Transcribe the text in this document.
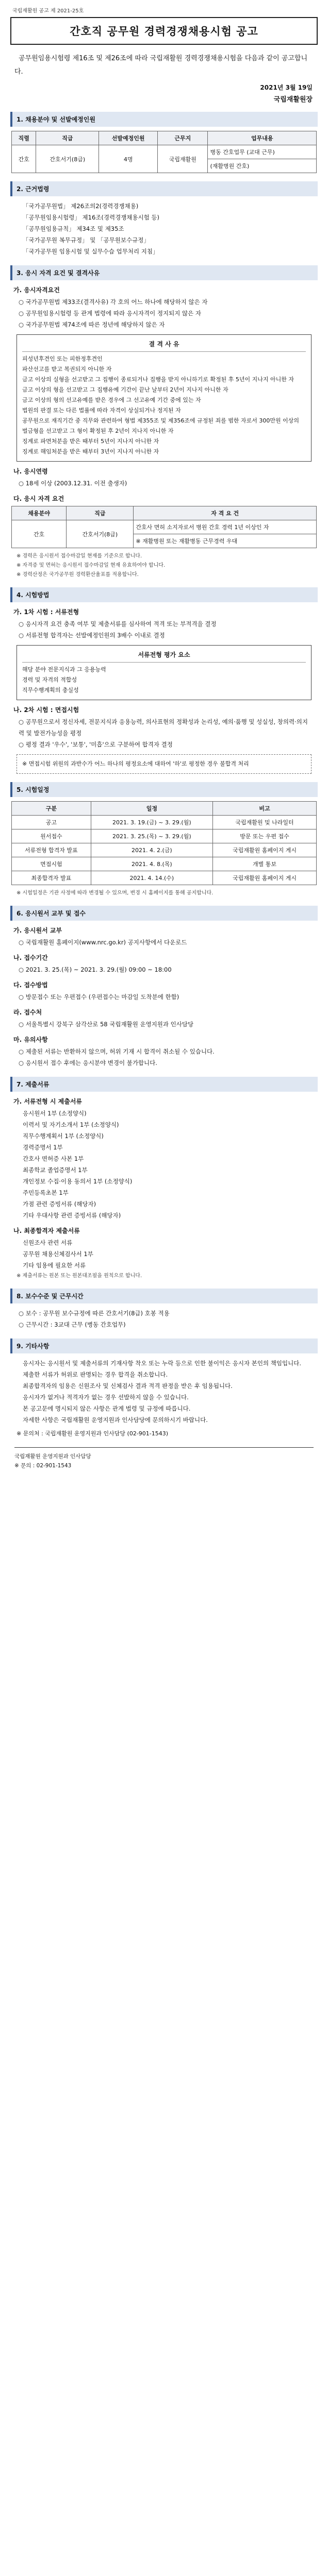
국립재활원 공고 제 2021-25호
간호직 공무원 경력경쟁채용시험 공고
공무원임용시험령 제16조 및 제26조에 따라 국립재활원 경력경쟁채용시험을 다음과 같이 공고합니다.
2021년 3월 19일
국립재활원장
1. 채용분야 및 선발예정인원
직렬	직급	선발예정인원	근무지	업무내용
간호	간호서기(8급)	4명	국립재활원	병동 간호업무 (교대 근무)
				(재활병원 간호)
2. 근거법령
「국가공무원법」 제26조의2(경력경쟁채용)
「공무원임용시험령」 제16조(경력경쟁채용시험 등)
「공무원임용규칙」 제34조 및 제35조
「국가공무원 복무규정」 및 「공무원보수규정」
「국가공무원 임용시험 및 실무수습 업무처리 지침」
3. 응시 자격 요건 및 결격사유
가. 응시자격요건
○ 국가공무원법 제33조(결격사유) 각 호의 어느 하나에 해당하지 않은 자
○ 공무원임용시험령 등 관계 법령에 따라 응시자격이 정지되지 않은 자
○ 국가공무원법 제74조에 따른 정년에 해당하지 않은 자
결 격 사 유
피성년후견인 또는 피한정후견인
파산선고를 받고 복권되지 아니한 자
금고 이상의 실형을 선고받고 그 집행이 종료되거나 집행을 받지 아니하기로 확정된 후 5년이 지나지 아니한 자
금고 이상의 형을 선고받고 그 집행유예 기간이 끝난 날부터 2년이 지나지 아니한 자
금고 이상의 형의 선고유예를 받은 경우에 그 선고유예 기간 중에 있는 자
법원의 판결 또는 다른 법률에 따라 자격이 상실되거나 정지된 자
공무원으로 재직기간 중 직무와 관련하여 형법 제355조 및 제356조에 규정된 죄를 범한 자로서 300만원 이상의 벌금형을 선고받고 그 형이 확정된 후 2년이 지나지 아니한 자
징계로 파면처분을 받은 때부터 5년이 지나지 아니한 자
징계로 해임처분을 받은 때부터 3년이 지나지 아니한 자
나. 응시연령
○ 18세 이상 (2003.12.31. 이전 출생자)
다. 응시 자격 요건
채용분야	직급	자 격 요 건
간호	간호서기(8급)	간호사 면허 소지자로서 병원 간호 경력 1년 이상인 자
		※ 재활병원 또는 재활병동 근무경력 우대
※ 경력은 응시원서 접수마감일 현재를 기준으로 합니다.
※ 자격증 및 면허는 응시원서 접수마감일 현재 유효하여야 합니다.
※ 경력산정은 국가공무원 경력환산율표를 적용합니다.
4. 시험방법
가. 1차 시험 : 서류전형
○ 응시자격 요건 충족 여부 및 제출서류를 심사하여 적격 또는 부적격을 결정
○ 서류전형 합격자는 선발예정인원의 3배수 이내로 결정
서류전형 평가 요소
해당 분야 전문지식과 그 응용능력
경력 및 자격의 적합성
직무수행계획의 충실성
나. 2차 시험 : 면접시험
○ 공무원으로서 정신자세, 전문지식과 응용능력, 의사표현의 정확성과 논리성, 예의·품행 및 성실성, 창의력·의지력 및 발전가능성을 평정
○ 평정 결과 '우수', '보통', '미흡'으로 구분하여 합격자 결정
※ 면접시험 위원의 과반수가 어느 하나의 평정요소에 대하여 '하'로 평정한 경우 불합격 처리
5. 시험일정
구분	일정	비고
공고	2021. 3. 19.(금) ~ 3. 29.(월)	국립재활원 및 나라일터
원서접수	2021. 3. 25.(목) ~ 3. 29.(월)	방문 또는 우편 접수
서류전형 합격자 발표	2021. 4. 2.(금)	국립재활원 홈페이지 게시
면접시험	2021. 4. 8.(목)	개별 통보
최종합격자 발표	2021. 4. 14.(수)	국립재활원 홈페이지 게시
※ 시험일정은 기관 사정에 따라 변경될 수 있으며, 변경 시 홈페이지를 통해 공지합니다.
6. 응시원서 교부 및 접수
가. 응시원서 교부
○ 국립재활원 홈페이지(www.nrc.go.kr) 공지사항에서 다운로드
나. 접수기간
○ 2021. 3. 25.(목) ~ 2021. 3. 29.(월) 09:00 ~ 18:00
다. 접수방법
○ 방문접수 또는 우편접수 (우편접수는 마감일 도착분에 한함)
라. 접수처
○ 서울특별시 강북구 삼각산로 58 국립재활원 운영지원과 인사담당
마. 유의사항
○ 제출된 서류는 반환하지 않으며, 허위 기재 시 합격이 취소될 수 있습니다.
○ 응시원서 접수 후에는 응시분야 변경이 불가합니다.
7. 제출서류
가. 서류전형 시 제출서류
응시원서 1부 (소정양식)
이력서 및 자기소개서 1부 (소정양식)
직무수행계획서 1부 (소정양식)
경력증명서 1부
간호사 면허증 사본 1부
최종학교 졸업증명서 1부
개인정보 수집·이용 동의서 1부 (소정양식)
주민등록초본 1부
가점 관련 증빙서류 (해당자)
기타 우대사항 관련 증빙서류 (해당자)
나. 최종합격자 제출서류
신원조사 관련 서류
공무원 채용신체검사서 1부
기타 임용에 필요한 서류
※ 제출서류는 원본 또는 원본대조필을 원칙으로 합니다.
8. 보수수준 및 근무시간
○ 보수 : 공무원 보수규정에 따른 간호서기(8급) 호봉 적용
○ 근무시간 : 3교대 근무 (병동 간호업무)
9. 기타사항
응시자는 응시원서 및 제출서류의 기재사항 착오 또는 누락 등으로 인한 불이익은 응시자 본인의 책임입니다.
제출한 서류가 허위로 판명되는 경우 합격을 취소합니다.
최종합격자의 임용은 신원조사 및 신체검사 결과 적격 판정을 받은 후 임용됩니다.
응시자가 없거나 적격자가 없는 경우 선발하지 않을 수 있습니다.
본 공고문에 명시되지 않은 사항은 관계 법령 및 규정에 따릅니다.
자세한 사항은 국립재활원 운영지원과 인사담당에 문의하시기 바랍니다.
※ 문의처 : 국립재활원 운영지원과 인사담당 (02-901-1543)
국립재활원 운영지원과 인사담당
※ 문의 : 02-901-1543
